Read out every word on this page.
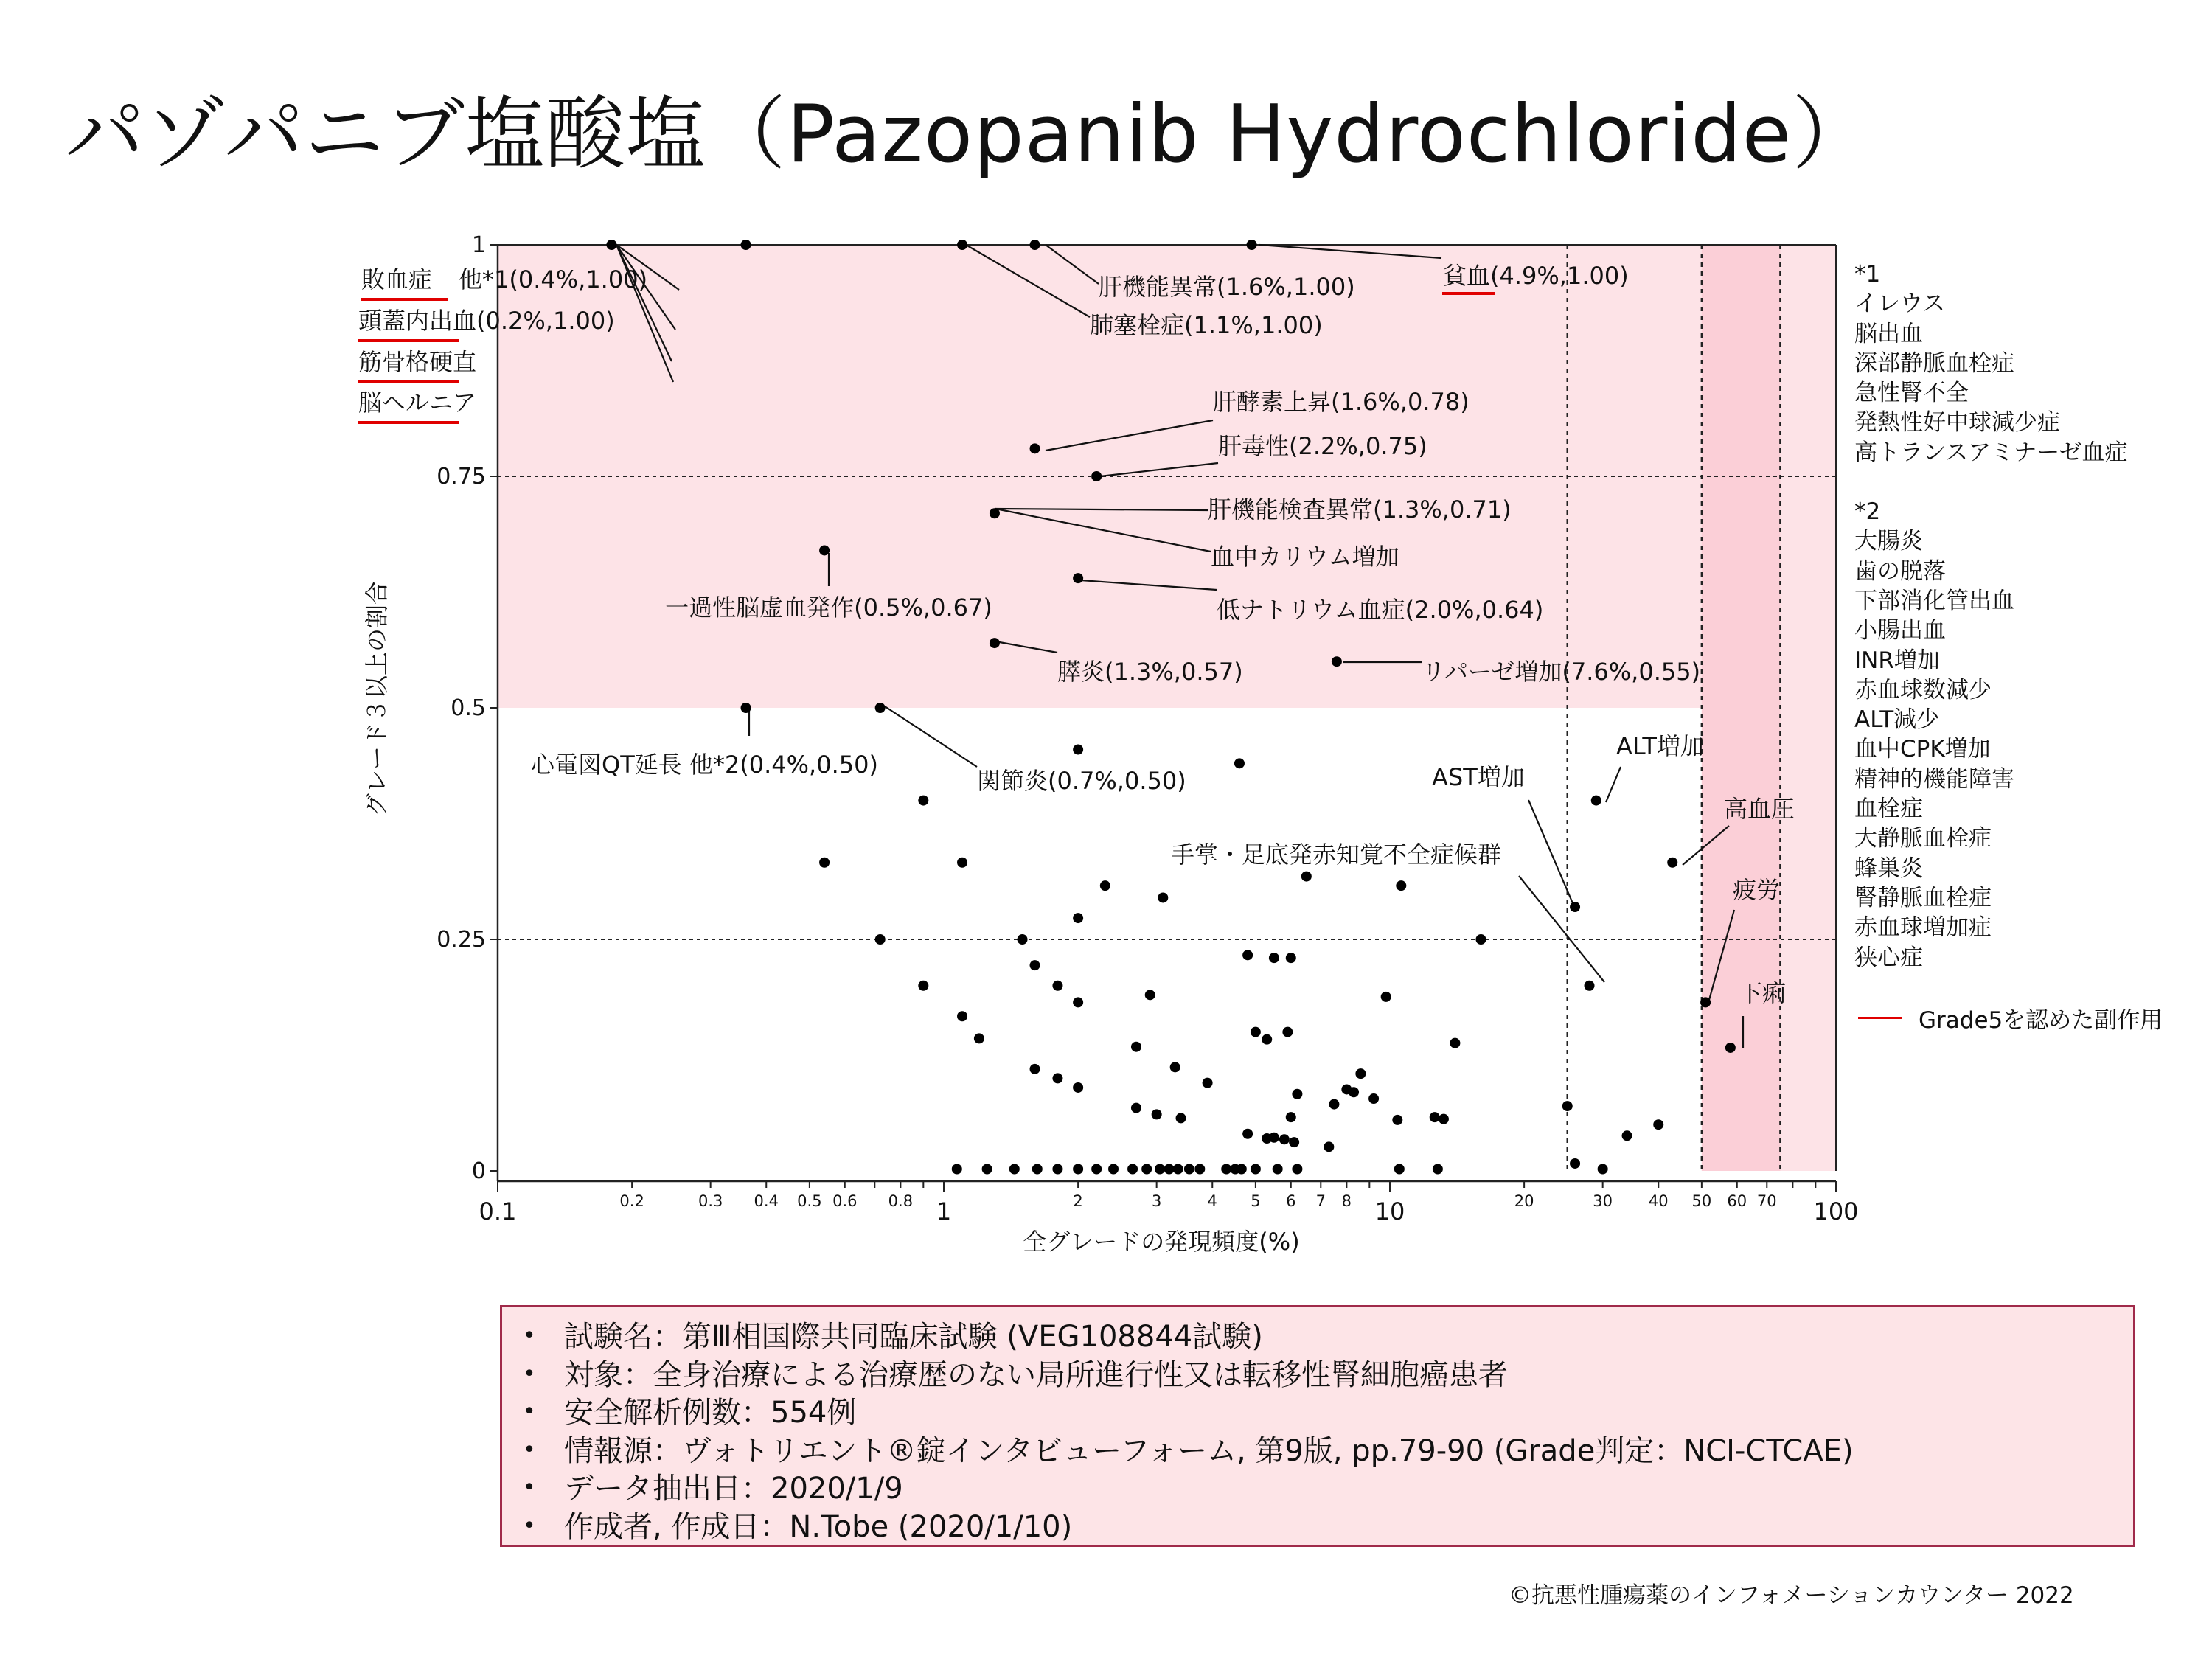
パゾパニブ塩酸塩（Pazopanib Hydrochloride）
0
0.25
0.5
0.75
1
0.1	1	10	100
0.2	0.3 0.4 0.5 0.6 0.8	2	3	4 5 6 7 8	20	30 40 50 60 70
敗血症 他*1(0.4%,1.00)
頭蓋内出血(0.2%,1.00)
筋骨格硬直
脳ヘルニア
肝機能異常(1.6%,1.00)
肺塞栓症(1.1%,1.00)
貧血(4.9%,1.00)
肝酵素上昇(1.6%,0.78)
肝毒性(2.2%,0.75)
肝機能検査異常(1.3%,0.71)
血中カリウム増加
一過性脳虚血発作(0.5%,0.67)	低ナトリウム血症(2.0%,0.64)
膵炎(1.3%,0.57)	リパーゼ増加(7.6%,0.55)
心電図QT延長 他*2(0.4%,0.50)
関節炎(0.7%,0.50)	AST増加
ALT増加
高血圧
手掌・足底発赤知覚不全症候群
疲労
下痢
全グレードの発現頻度(%)
グレード３以上の割合
*1
イレウス
脳出血
深部静脈血栓症
急性腎不全
発熱性好中球減少症
高トランスアミナーゼ血症
*2
大腸炎
歯の脱落
下部消化管出血
小腸出血
INR増加
赤血球数減少
ALT減少
血中CPK増加
精神的機能障害
血栓症
大静脈血栓症
蜂巣炎
腎静脈血栓症
赤血球増加症
狭心症
Grade5を認めた副作用
• 試験名：第Ⅲ相国際共同臨床試験 (VEG108844試験)
• 対象：全身治療による治療歴のない局所進行性又は転移性腎細胞癌患者
• 安全解析例数：554例
• 情報源：ヴォトリエント®錠インタビューフォーム, 第9版, pp.79-90 (Grade判定：NCI-CTCAE)
• データ抽出日：2020/1/9
• 作成者, 作成日：N.Tobe (2020/1/10)
©抗悪性腫瘍薬のインフォメーションカウンター 2022
